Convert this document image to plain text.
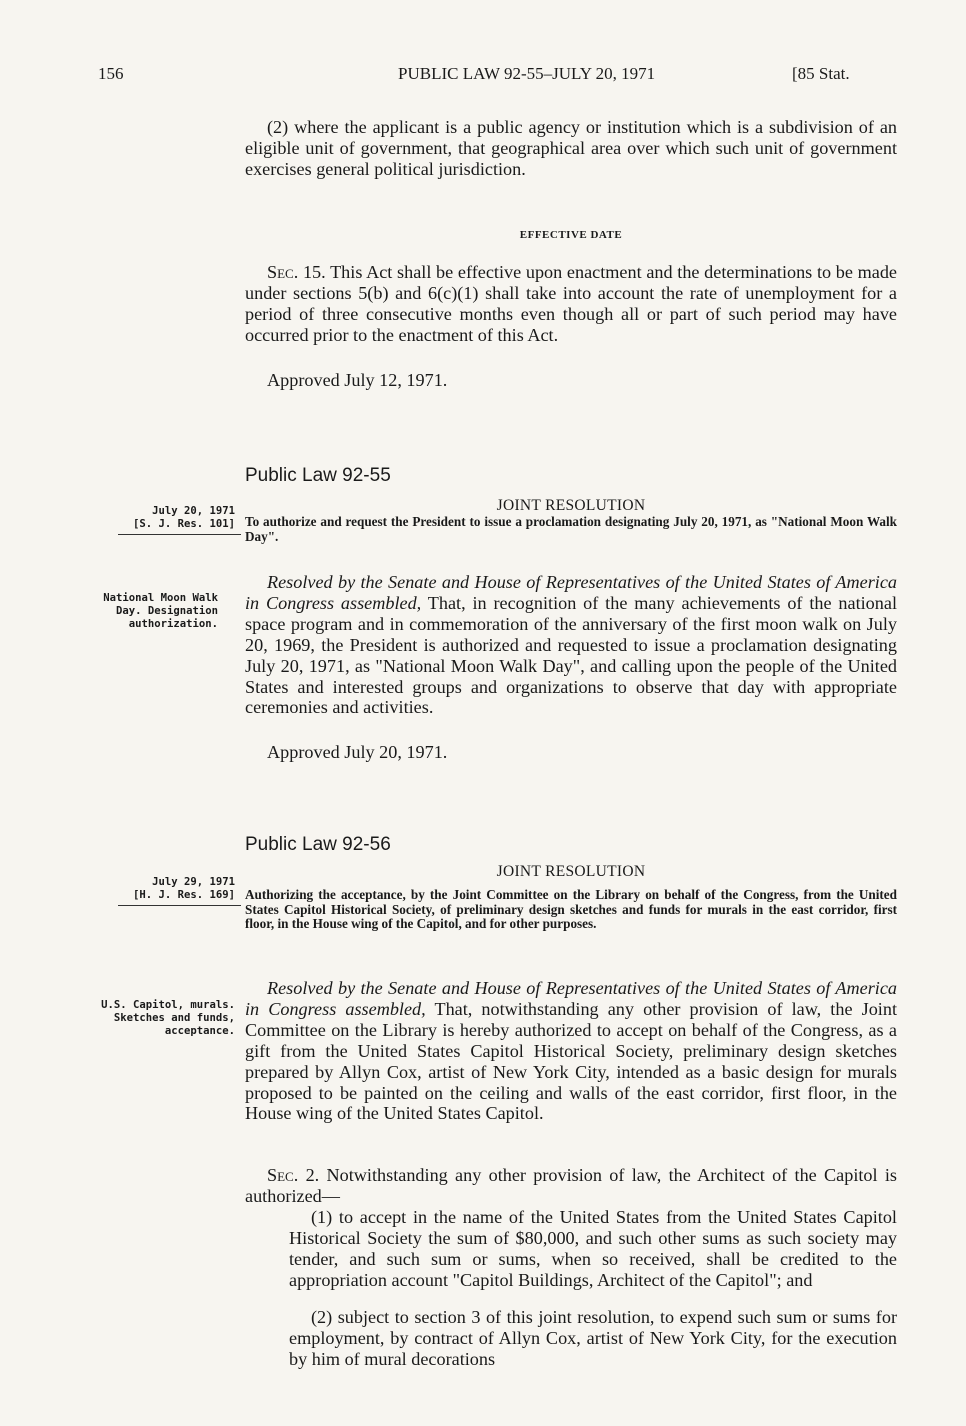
156	PUBLIC LAW 92-55–JULY 20, 1971	[85 Stat.
(2) where the applicant is a public agency or institution which is a subdivision of an eligible unit of government, that geographical area over which such unit of government exercises general political jurisdiction.
EFFECTIVE DATE
Sec. 15. This Act shall be effective upon enactment and the determinations to be made under sections 5(b) and 6(c)(1) shall take into account the rate of unemployment for a period of three consecutive months even though all or part of such period may have occurred prior to the enactment of this Act.
Approved July 12, 1971.
Public Law 92-55
July 20, 1971
[S. J. Res. 101]
JOINT RESOLUTION
To authorize and request the President to issue a proclamation designating July 20, 1971, as "National Moon Walk Day".
National Moon Walk Day. Designation authorization.
Resolved by the Senate and House of Representatives of the United States of America in Congress assembled, That, in recognition of the many achievements of the national space program and in commemoration of the anniversary of the first moon walk on July 20, 1969, the President is authorized and requested to issue a proclamation designating July 20, 1971, as "National Moon Walk Day", and calling upon the people of the United States and interested groups and organizations to observe that day with appropriate ceremonies and activities.
Approved July 20, 1971.
Public Law 92-56
July 29, 1971
[H. J. Res. 169]
JOINT RESOLUTION
Authorizing the acceptance, by the Joint Committee on the Library on behalf of the Congress, from the United States Capitol Historical Society, of preliminary design sketches and funds for murals in the east corridor, first floor, in the House wing of the Capitol, and for other purposes.
U.S. Capitol, murals. Sketches and funds, acceptance.
Resolved by the Senate and House of Representatives of the United States of America in Congress assembled, That, notwithstanding any other provision of law, the Joint Committee on the Library is hereby authorized to accept on behalf of the Congress, as a gift from the United States Capitol Historical Society, preliminary design sketches prepared by Allyn Cox, artist of New York City, intended as a basic design for murals proposed to be painted on the ceiling and walls of the east corridor, first floor, in the House wing of the United States Capitol.
Sec. 2. Notwithstanding any other provision of law, the Architect of the Capitol is authorized—
(1) to accept in the name of the United States from the United States Capitol Historical Society the sum of $80,000, and such other sums as such society may tender, and such sum or sums, when so received, shall be credited to the appropriation account "Capitol Buildings, Architect of the Capitol"; and
(2) subject to section 3 of this joint resolution, to expend such sum or sums for employment, by contract of Allyn Cox, artist of New York City, for the execution by him of mural decorations
